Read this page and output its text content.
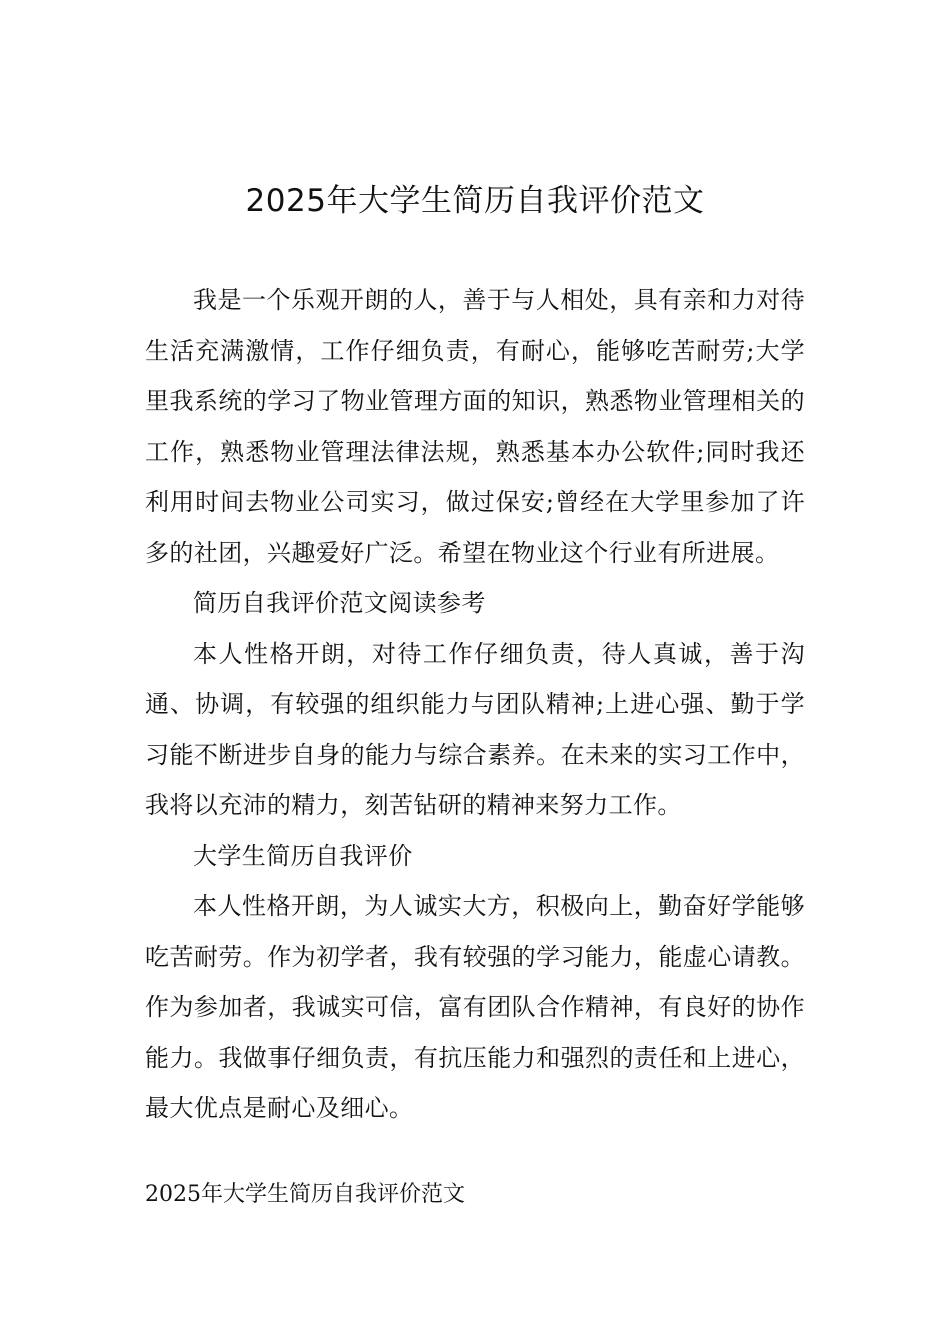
2025年大学生简历自我评价范文

我是一个乐观开朗的人，善于与人相处，具有亲和力对待生活充满激情，工作仔细负责，有耐心，能够吃苦耐劳;大学里我系统的学习了物业管理方面的知识，熟悉物业管理相关的工作，熟悉物业管理法律法规，熟悉基本办公软件;同时我还利用时间去物业公司实习，做过保安;曾经在大学里参加了许多的社团，兴趣爱好广泛。希望在物业这个行业有所进展。

简历自我评价范文阅读参考

本人性格开朗，对待工作仔细负责，待人真诚，善于沟通、协调，有较强的组织能力与团队精神;上进心强、勤于学习能不断进步自身的能力与综合素养。在未来的实习工作中，我将以充沛的精力，刻苦钻研的精神来努力工作。

大学生简历自我评价

本人性格开朗，为人诚实大方，积极向上，勤奋好学能够吃苦耐劳。作为初学者，我有较强的学习能力，能虚心请教。作为参加者，我诚实可信，富有团队合作精神，有良好的协作能力。我做事仔细负责，有抗压能力和强烈的责任和上进心，最大优点是耐心及细心。

2025年大学生简历自我评价范文
